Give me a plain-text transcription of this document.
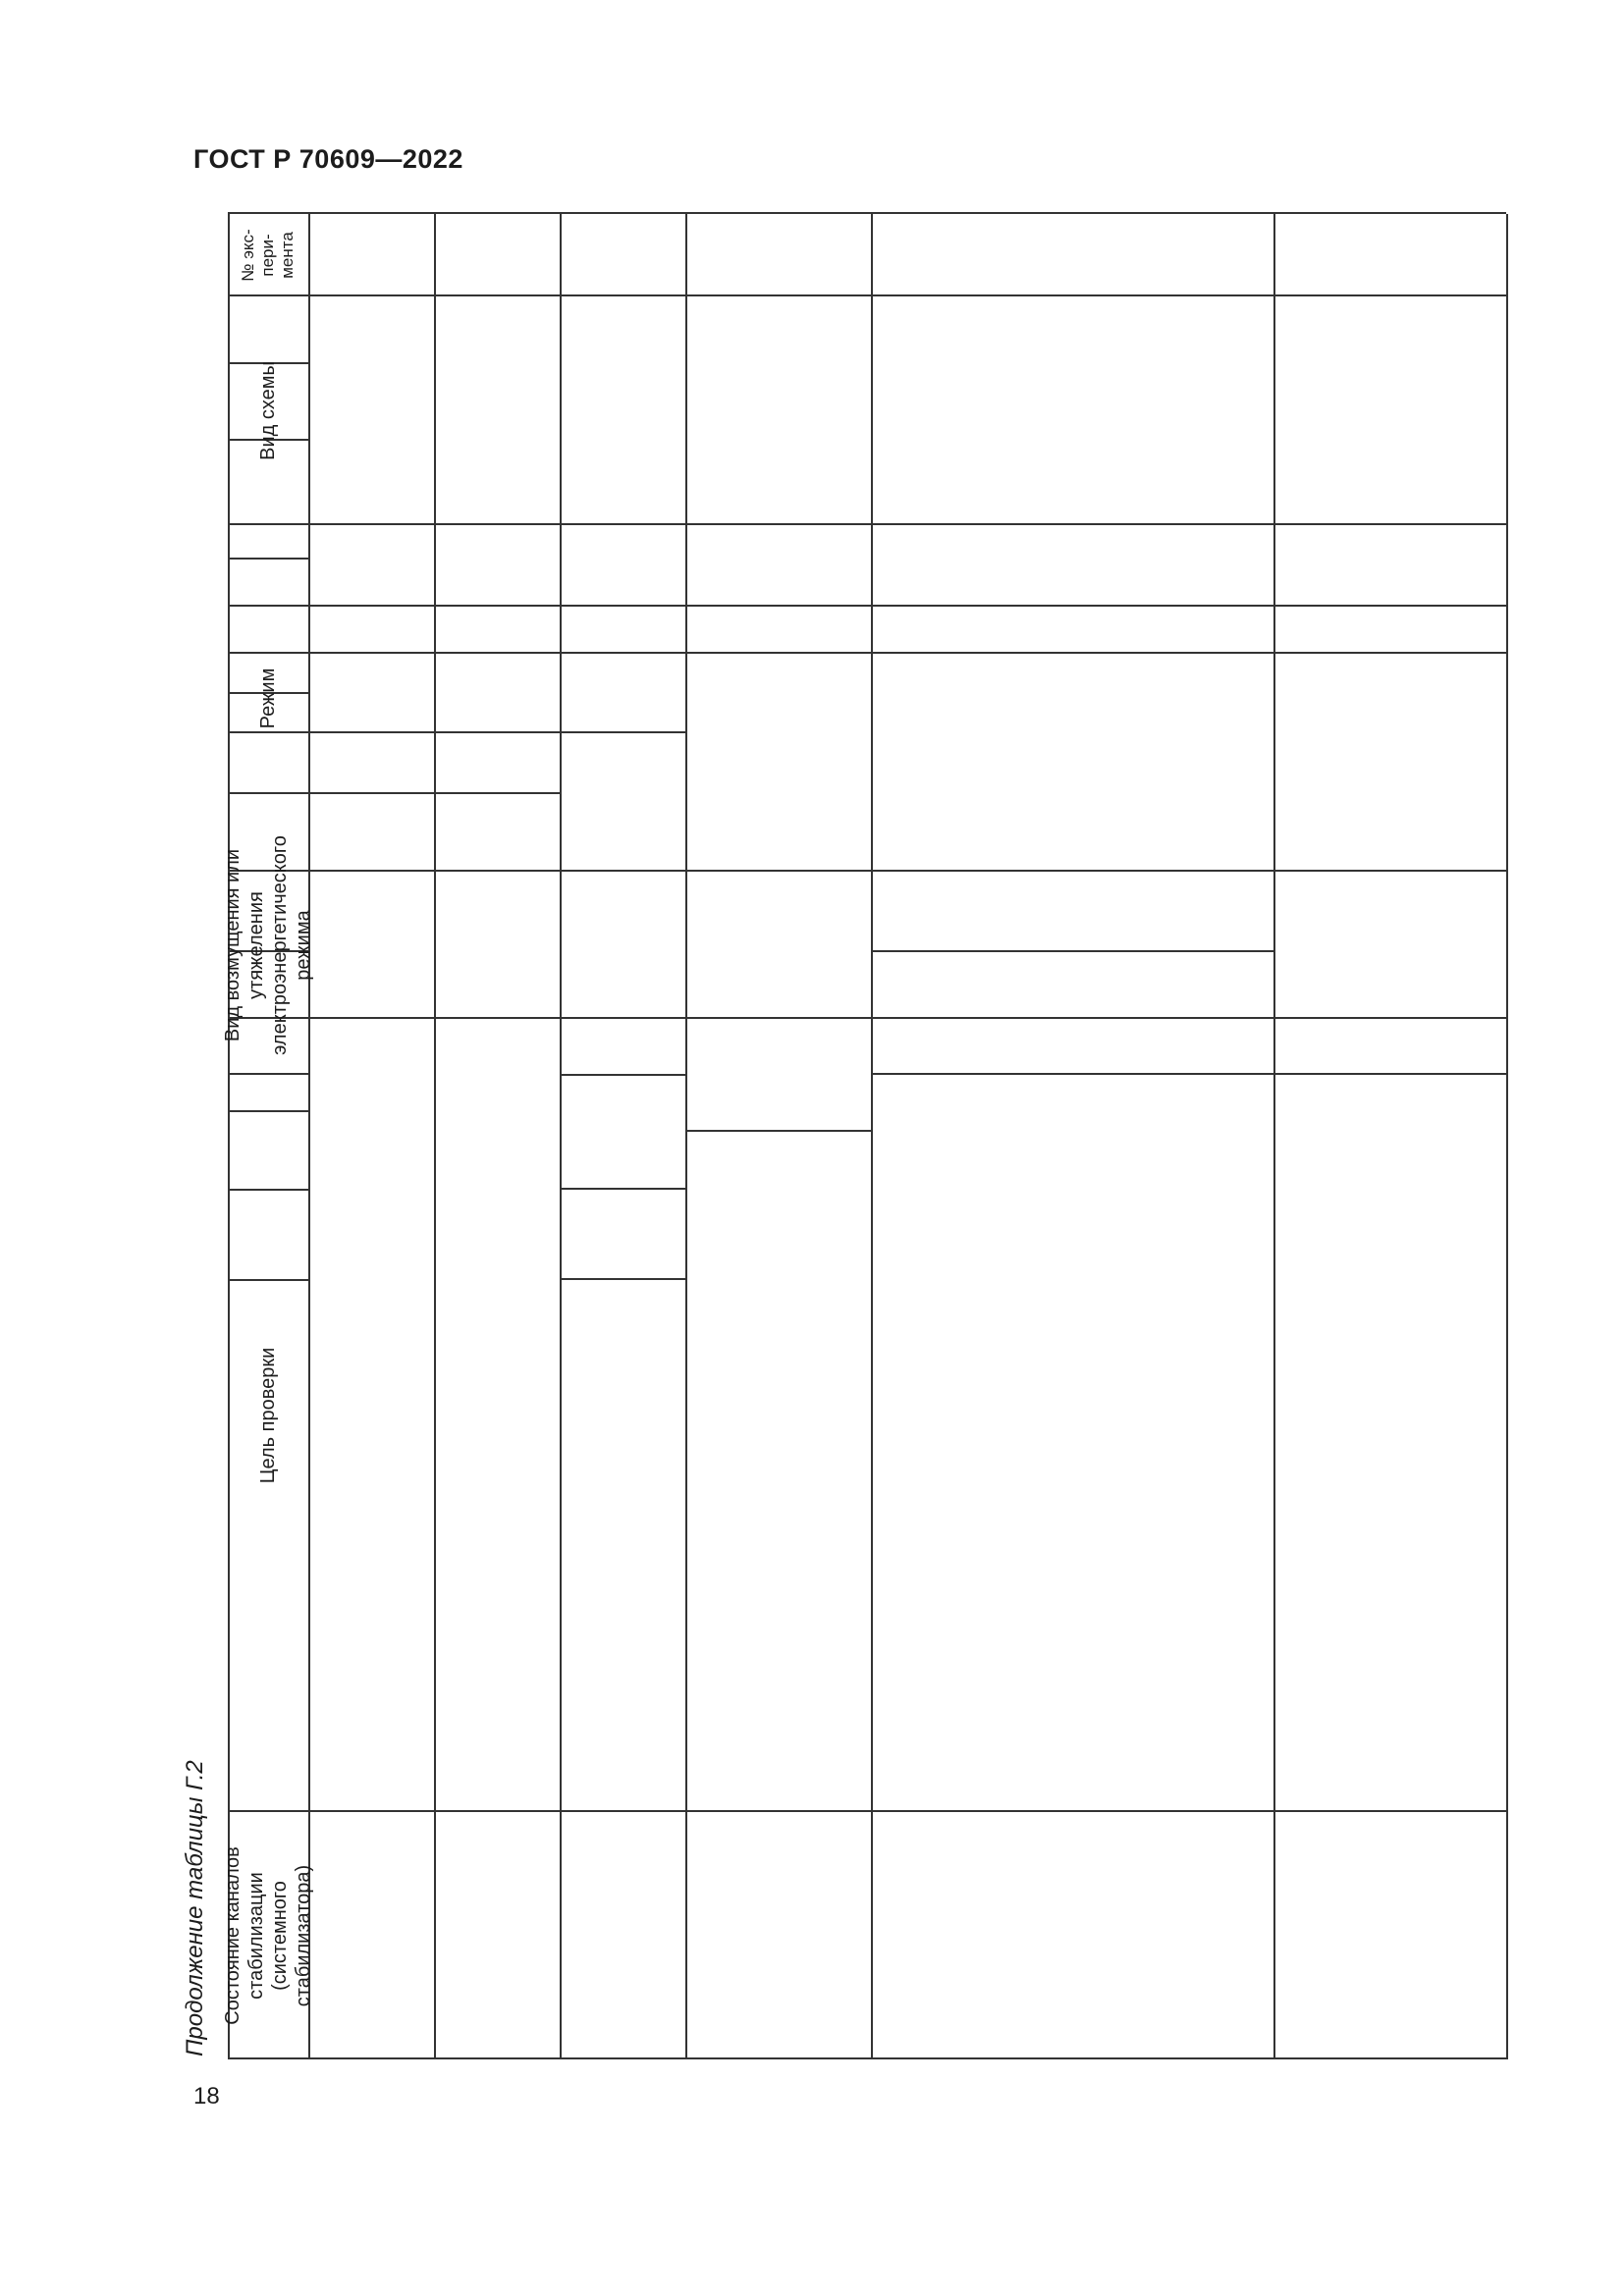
ГОСТ Р 70609—2022
18
Продолжение таблицы Г.2
№ экс-пери-мента
Вид схемы
Режим
Вид возмущения или утяжеления электроэнергетического режима
Цель проверки
Состояние каналов стабилизации (системного стабилизатора)
